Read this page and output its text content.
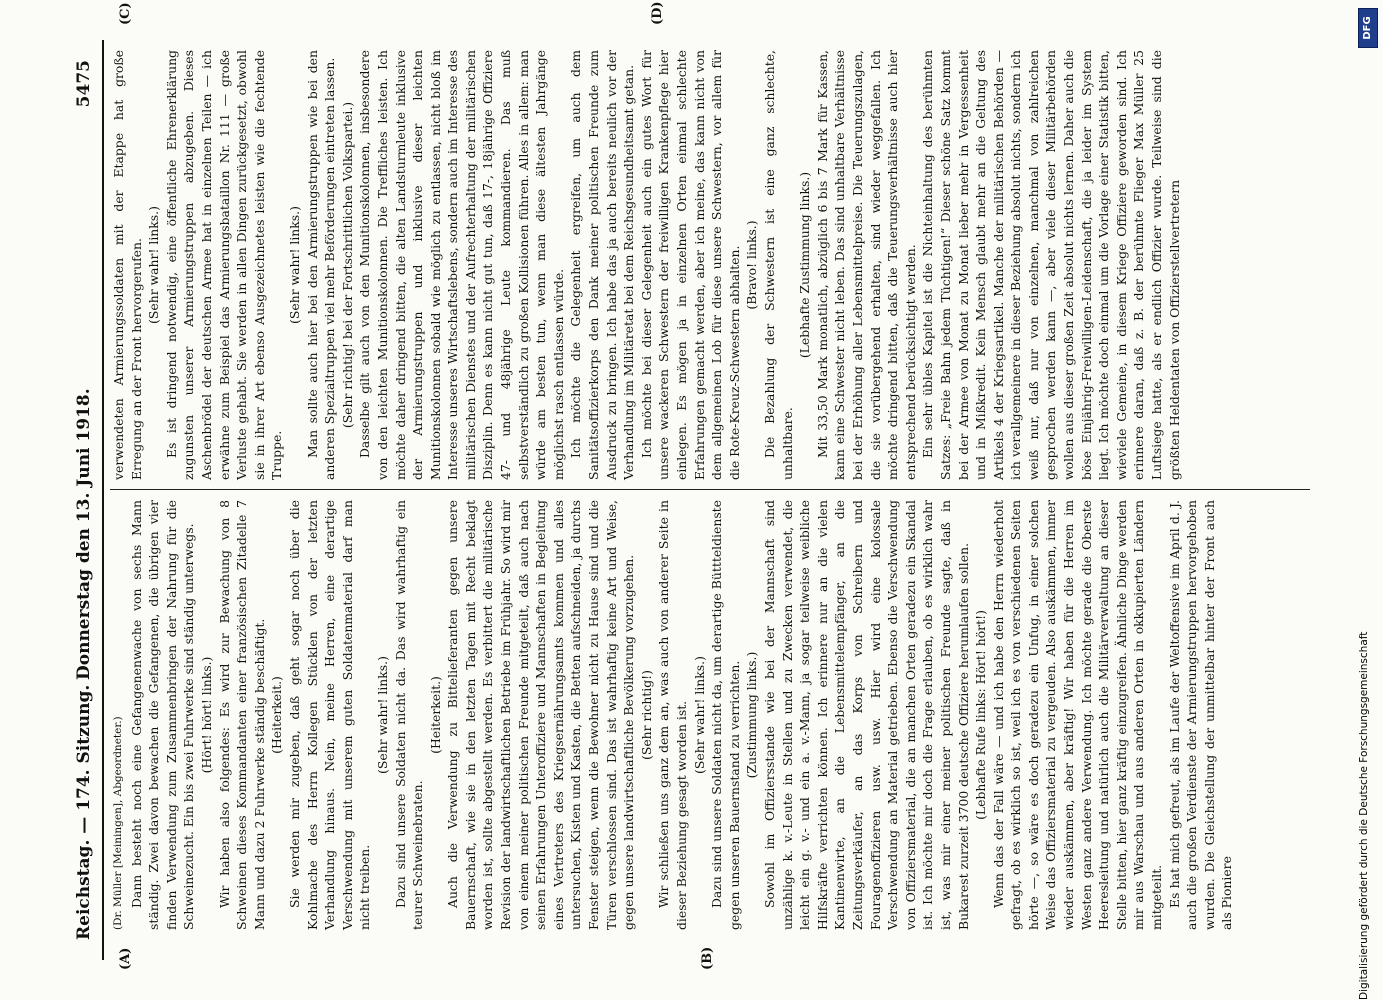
Reichstag. — 174. Sitzung.
Donnerstag den 13. Juni 1918.
5475
(A)	(B)
(C)	(D)

(Dr. Müller [Meiningen], Abgeordneter.) Dann besteht noch eine Gefangenenwache von sechs Mann ständig. Zwei davon bewachen die Gefangenen, die übrigen vier finden Verwendung zum Zusammenbringen der Nahrung für die Schweinezucht. Ein bis zwei Fuhrwerke sind ständig unterwegs. (Hört! hört! links.) Wir haben also folgendes: Es wird zur Bewachung von 8 Schweinen dieses Kommandanten einer französischen Zitadelle 7 Mann und dazu 2 Fuhrwerke ständig beschäftigt. (Heiterkeit.) Sie werden mir zugeben, daß geht sogar noch über die Kohlmache des Herrn Kollegen Stücklen von der letzten Verhandlung hinaus. Nein, meine Herren, eine derartige Verschwendung mit unserem guten Soldatenmaterial darf man nicht treiben.

(Sehr wahr! links.) Dazu sind unsere Soldaten nicht da. Das wird wahrhaftig ein teurer Schweinebraten.

(Heiterkeit.) Auch die Verwendung zu Bittelieferanten gegen unsere Bauernschaft, wie sie in den letzten Tagen mit Recht beklagt worden ist, sollte abgestellt werden. Es verbittert die militärische Revision der landwirtschaftlichen Betriebe im Frühjahr. So wird mir von einem meiner politischen Freunde mitgeteilt, daß auch nach seinen Erfahrungen Unteroffiziere und Mannschaften in Begleitung eines Vertreters des Kriegsernährungsamts kommen und alles untersuchen, Kisten und Kasten, die Betten aufschneiden, ja durchs Fenster steigen, wenn die Bewohner nicht zu Hause sind und die Türen verschlossen sind. Das ist wahrhaftig keine Art und Weise, gegen unsere landwirtschaftliche Bevölkerung vorzugehen. (Sehr richtig!) Wir schließen uns ganz dem an, was auch von anderer Seite in dieser Beziehung gesagt worden ist. (Sehr wahr! links.) Dazu sind unsere Soldaten nicht da, um derartige Büttteldienste gegen unseren Bauernstand zu verrichten. (Zustimmung links.) Sowohl im Offiziersstande wie bei der Mannschaft sind unzählige k. v.-Leute in Stellen und zu Zwecken verwendet, die leicht ein g. v.- und ein a. v.-Mann, ja sogar teilweise weibliche Hilfskräfte verrichten können. Ich erinnere nur an die vielen Kantinenwirte, an die Lebensmittelempfänger, an die Zeitungsverkäufer, an das Korps von Schreibern und Fouragenoffizieren usw. usw. Hier wird eine kolossale Verschwendung an Material getrieben. Ebenso die Verschwendung von Offiziersmaterial, die an manchen Orten geradezu ein Skandal ist. Ich möchte mir doch die Frage erlauben, ob es wirklich wahr ist, was mir einer meiner politischen Freunde sagte, daß in Bukarest zurzeit 3700 deutsche Offiziere herumlaufen sollen. (Lebhafte Rufe links: Hört! hört!) Wenn das der Fall wäre — und ich habe den Herrn wiederholt gefragt, ob es wirklich so ist, weil ich es von verschiedenen Seiten hörte —, so wäre es doch geradezu ein Unfug, in einer solchen Weise das Offiziersmaterial zu vergeuden. Also auskämmen, immer wieder auskämmen, aber kräftig! Wir haben für die Herren im Westen ganz andere Verwendung. Ich möchte gerade die Oberste Heeresleitung und natürlich auch die Militärverwaltung an dieser Stelle bitten, hier ganz kräftig einzugreifen. Ähnliche Dinge werden mir aus Warschau und aus anderen Orten in okkupierten Ländern mitgeteilt. Es hat mich gefreut, als im Laufe der Weltoffensive im April d. J. auch die großen Verdienste der Armierungstruppen hervorgehoben wurden. Die Gleichstellung der unmittelbar hinter der Front auch als Pioniere

verwendeten Armierungssoldaten mit der Etappe hat große Erregung an der Front hervorgerufen. (Sehr wahr! links.) Es ist dringend notwendig, eine öffentliche Ehrenerklärung zugunsten unserer Armierungstruppen abzugeben. Dieses Aschenbrödel der deutschen Armee hat in einzelnen Teilen — ich erwähne zum Beispiel das Armierungsbataillon Nr. 111 — große Verluste gehabt. Sie werden in allen Dingen zurückgesetzt, obwohl sie in ihrer Art ebenso Ausgezeichnetes leisten wie die fechtende Truppe.

(Sehr wahr! links.) Man sollte auch hier bei den Armierungstruppen wie bei den anderen Spezialtruppen viel mehr Beförderungen eintreten lassen. (Sehr richtig! bei der Fortschrittlichen Volkspartei.) Dasselbe gilt auch von den Munitionskolonnen, insbesondere von den leichten Munitionskolonnen. Die Treffliches leisten. Ich möchte daher dringend bitten, die alten Landsturmleute inklusive der Armierungstruppen und inklusive dieser leichten Munitionskolonnen sobald wie möglich zu entlassen, nicht bloß im Interesse unseres Wirtschaftslebens, sondern auch im Interesse des militärischen Dienstes und der Aufrechterhaltung der militärischen Disziplin. Denn es kann nicht gut tun, daß 17-, 18jährige Offiziere 47- und 48jährige Leute kommandieren. Das muß selbstverständlich zu großen Kollisionen führen. Alles in allem: man würde am besten tun, wenn man diese ältesten Jahrgänge möglichst rasch entlassen würde. Ich möchte die Gelegenheit ergreifen, um auch dem Sanitätsoffizierkorps den Dank meiner politischen Freunde zum Ausdruck zu bringen. Ich habe das ja auch bereits neulich vor der Verhandlung im Militäretat bei dem Reichsgesundheitsamt getan. Ich möchte bei dieser Gelegenheit auch ein gutes Wort für unsere wackeren Schwestern der freiwilligen Krankenpflege hier einlegen. Es mögen ja in einzelnen Orten einmal schlechte Erfahrungen gemacht werden, aber ich meine, das kann nicht von dem allgemeinen Lob für diese unsere Schwestern, vor allem für die Rote-Kreuz-Schwestern abhalten. (Bravo! links.) Die Bezahlung der Schwestern ist eine ganz schlechte, unhaltbare.

(Lebhafte Zustimmung links.) Mit 33,50 Mark monatlich, abzüglich 6 bis 7 Mark für Kassen, kann eine Schwester nicht leben. Das sind unhaltbare Verhältnisse bei der Erhöhung aller Lebensmittelpreise. Die Teuerungszulagen, die sie vorübergehend erhalten, sind wieder weggefallen. Ich möchte dringend bitten, daß die Teuerungsverhältnisse auch hier entsprechend berücksichtigt werden. Ein sehr übles Kapitel ist die Nichteinhaltung des berühmten Satzes: „Freie Bahn jedem Tüchtigen!“ Dieser schöne Satz kommt bei der Armee von Monat zu Monat lieber mehr in Vergessenheit und in Mißkredit. Kein Mensch glaubt mehr an die Geltung des Artikels 4 der Kriegsartikel. Manche der militärischen Behörden — ich verallgemeinere in dieser Beziehung absolut nichts, sondern ich weiß nur, daß nur von einzelnen, manchmal von zahlreichen gesprochen werden kann —, aber viele dieser Militärbehörden wollen aus dieser großen Zeit absolut nichts lernen. Daher auch die böse Einjährig-Freiwilligen-Leidenschaft, die ja leider im System liegt. Ich möchte doch einmal um die Vorlage einer Statistik bitten, wieviele Gemeine, in diesem Kriege Offiziere geworden sind. Ich erinnere daran, daß z. B. der berühmte Flieger Max Müller 25 Luftsiege hatte, als er endlich Offizier wurde. Teilweise sind die größten Heldentaten von Offizierstellvertretern

DFG
Digitalisierung gefördert durch die Deutsche Forschungsgemeinschaft
